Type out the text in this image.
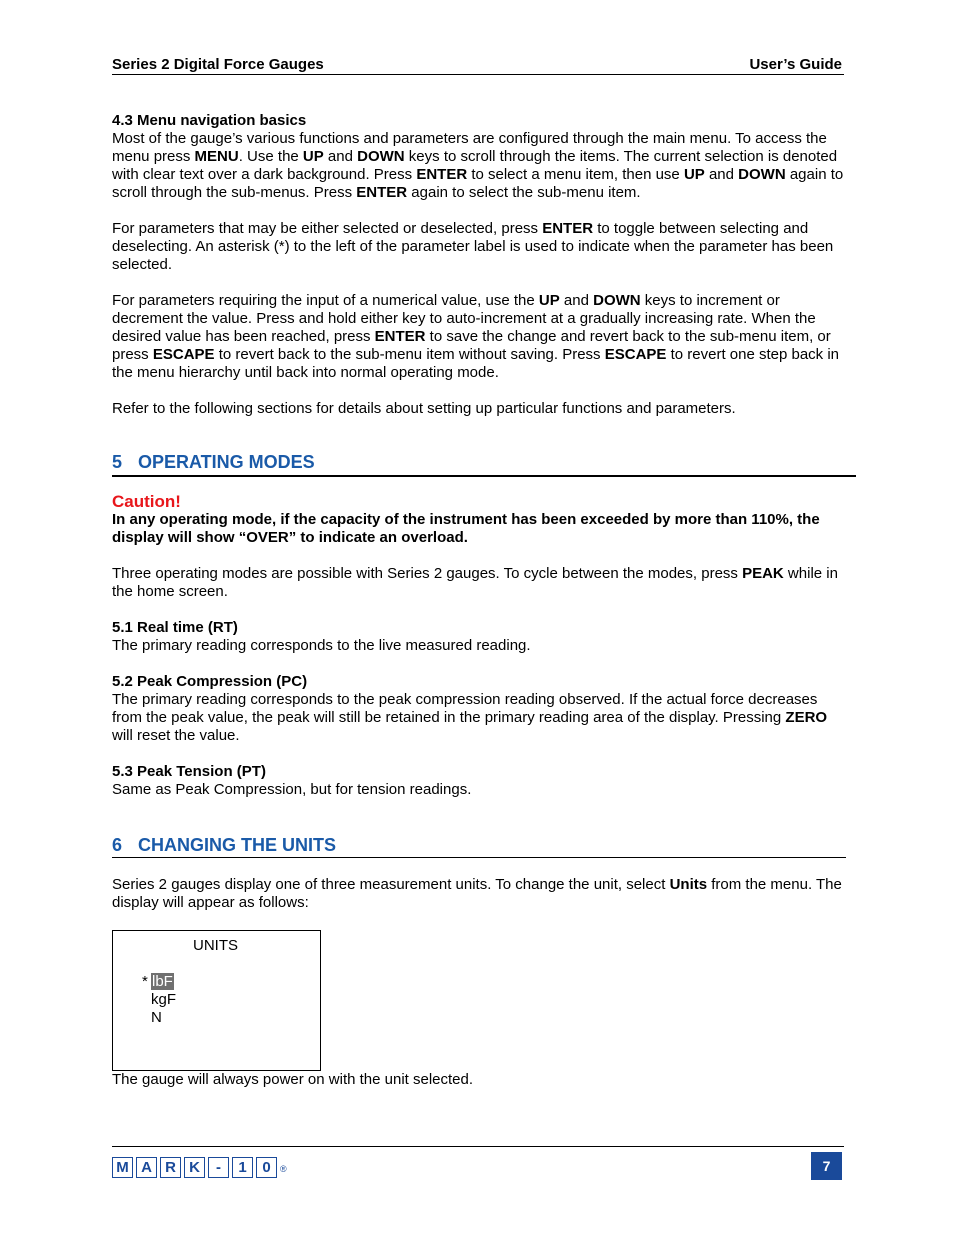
Series 2 Digital Force Gauges	User’s Guide

4.3 Menu navigation basics

Most of the gauge’s various functions and parameters are configured through the main menu. To access the menu press MENU. Use the UP and DOWN keys to scroll through the items. The current selection is denoted with clear text over a dark background. Press ENTER to select a menu item, then use UP and DOWN again to scroll through the sub-menus. Press ENTER again to select the sub-menu item.

For parameters that may be either selected or deselected, press ENTER to toggle between selecting and deselecting. An asterisk (*) to the left of the parameter label is used to indicate when the parameter has been selected.

For parameters requiring the input of a numerical value, use the UP and DOWN keys to increment or decrement the value. Press and hold either key to auto-increment at a gradually increasing rate. When the desired value has been reached, press ENTER to save the change and revert back to the sub-menu item, or press ESCAPE to revert back to the sub-menu item without saving. Press ESCAPE to revert one step back in the menu hierarchy until back into normal operating mode.

Refer to the following sections for details about setting up particular functions and parameters.

5 OPERATING MODES

Caution!

In any operating mode, if the capacity of the instrument has been exceeded by more than 110%, the display will show “OVER” to indicate an overload.

Three operating modes are possible with Series 2 gauges. To cycle between the modes, press PEAK while in the home screen.

5.1 Real time (RT)

The primary reading corresponds to the live measured reading.

5.2 Peak Compression (PC)

The primary reading corresponds to the peak compression reading observed. If the actual force decreases from the peak value, the peak will still be retained in the primary reading area of the display. Pressing ZERO will reset the value.

5.3 Peak Tension (PT)

Same as Peak Compression, but for tension readings.

6 CHANGING THE UNITS

Series 2 gauges display one of three measurement units. To change the unit, select Units from the menu. The display will appear as follows:

UNITS
* lbF
kgF
N
The gauge will always power on with the unit selected.
M A R K	-	1	0	®	7
